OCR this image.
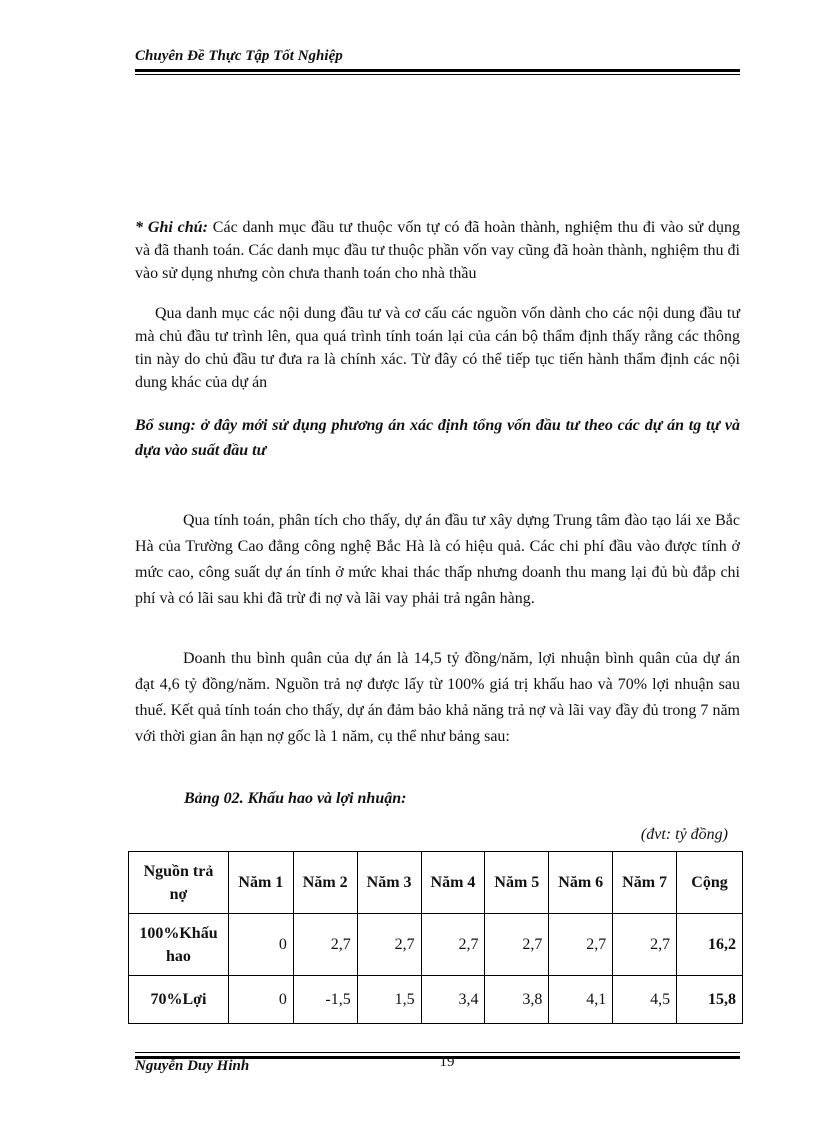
Chuyên Đề Thực Tập Tốt Nghiệp

* Ghi chú: Các danh mục đầu tư thuộc vốn tự có đã hoàn thành, nghiệm thu đi vào sử dụng và đã thanh toán. Các danh mục đầu tư thuộc phần vốn vay cũng đã hoàn thành, nghiệm thu đi vào sử dụng nhưng còn chưa thanh toán cho nhà thầu

Qua danh mục các nội dung đầu tư và cơ cấu các nguồn vốn dành cho các nội dung đầu tư mà chủ đầu tư trình lên, qua quá trình tính toán lại của cán bộ thẩm định thấy rằng các thông tin này do chủ đầu tư đưa ra là chính xác. Từ đây có thể tiếp tục tiến hành thẩm định các nội dung khác của dự án

Bổ sung: ở đây mới sử dụng phương án xác định tổng vốn đầu tư theo các dự án tg tự và dựa vào suất đầu tư

Qua tính toán, phân tích cho thấy, dự án đầu tư xây dựng Trung tâm đào tạo lái xe Bắc Hà của Trường Cao đẳng công nghệ Bắc Hà là có hiệu quả. Các chi phí đầu vào được tính ở mức cao, công suất dự án tính ở mức khai thác thấp nhưng doanh thu mang lại đủ bù đắp chi phí và có lãi sau khi đã trừ đi nợ và lãi vay phải trả ngân hàng.

Doanh thu bình quân của dự án là 14,5 tỷ đồng/năm, lợi nhuận bình quân của dự án đạt 4,6 tỷ đồng/năm. Nguồn trả nợ được lấy từ 100% giá trị khấu hao và 70% lợi nhuận sau thuế. Kết quả tính toán cho thấy, dự án đảm bảo khả năng trả nợ và lãi vay đầy đủ trong 7 năm với thời gian ân hạn nợ gốc là 1 năm, cụ thể như bảng sau:

Bảng 02. Khấu hao và lợi nhuận:
(đvt: tỷ đồng)
Nguồn trả nợ	Năm 1	Năm 2	Năm 3	Năm 4	Năm 5	Năm 6	Năm 7	Cộng
100%Khấu hao	0	2,7	2,7	2,7	2,7	2,7	2,7	16,2
70%Lợi	0	-1,5	1,5	3,4	3,8	4,1	4,5	15,8
Nguyễn Duy Hinh	19
